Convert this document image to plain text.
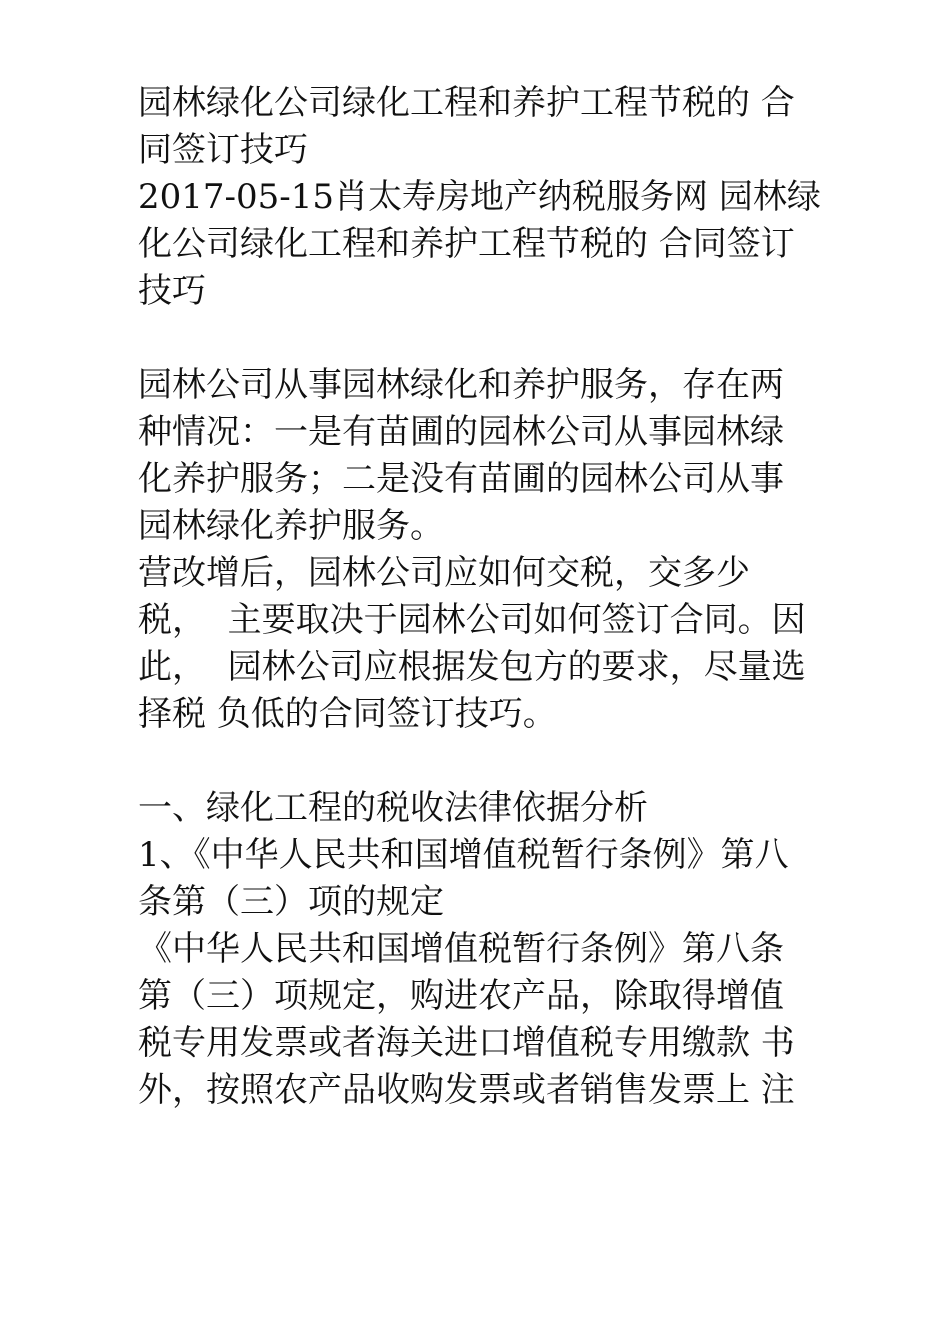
园林绿化公司绿化工程和养护工程节税的 合
同签订技巧
2017-05-15肖太寿房地产纳税服务网 园林绿
化公司绿化工程和养护工程节税的 合同签订
技巧
园林公司从事园林绿化和养护服务，存在两
种情况：一是有苗圃的园林公司从事园林绿
化养护服务；二是没有苗圃的园林公司从事
园林绿化养护服务。
营改增后，园林公司应如何交税，交多少
税，  主要取决于园林公司如何签订合同。因
此，  园林公司应根据发包方的要求，尽量选
择税 负低的合同签订技巧。
一、绿化工程的税收法律依据分析
1、《中华人民共和国增值税暂行条例》第八
条第（三）项的规定
《中华人民共和国增值税暂行条例》第八条
第（三）项规定，购进农产品，除取得增值
税专用发票或者海关进口增值税专用缴款 书
外，按照农产品收购发票或者销售发票上 注
